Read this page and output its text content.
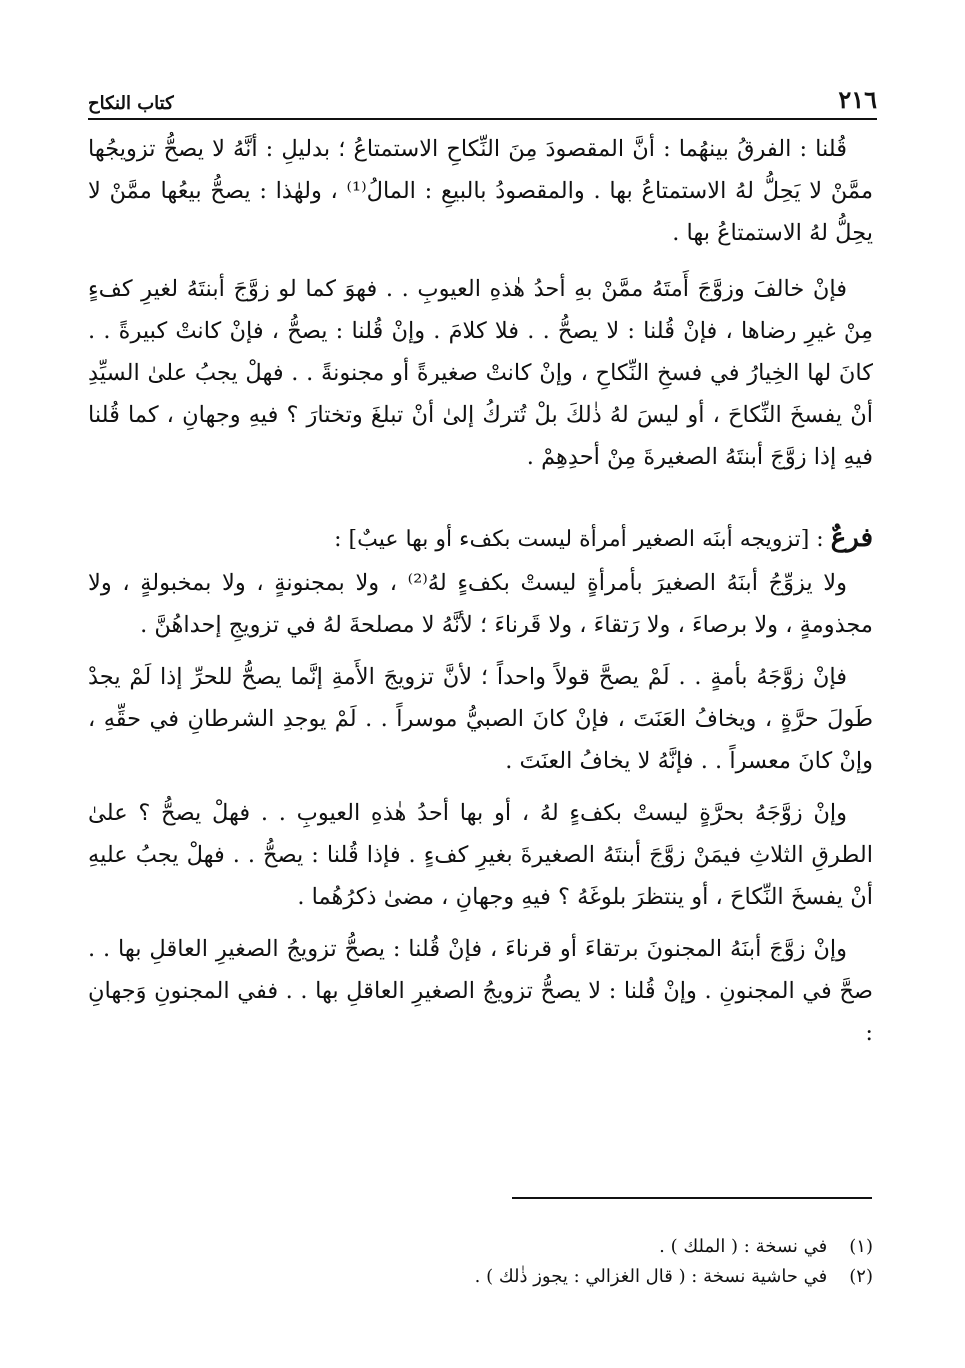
٢١٦
كتاب النكاح

قُلنا : الفرقُ بينهُما : أنَّ المقصودَ مِنَ النِّكاحِ الاستمتاعُ ؛ بدليلِ : أنَّهُ لا يصحُّ تزويجُها ممَّنْ لا يَحِلُّ لهُ الاستمتاعُ بها . والمقصودُ بالبيعِ : المالُ⁽¹⁾ ، ولهٰذا : يصحُّ بيعُها ممَّنْ لا يحِلُّ لهُ الاستمتاعُ بها .

فإنْ خالفَ وزوَّجَ أَمتَهُ ممَّنْ بهِ أحدُ هٰذهِ العيوبِ . . فهوَ كما لو زوَّجَ أبنتَهُ لغيرِ كفءٍ مِنْ غيرِ رضاها ، فإنْ قُلنا : لا يصحُّ . . فلا كلامَ . وإنْ قُلنا : يصحُّ ، فإنْ كانتْ كبيرةً . . كانَ لها الخِيارُ في فسخِ النِّكاحِ ، وإنْ كانتْ صغيرةً أو مجنونةً . . فهلْ يجبُ علىٰ السيِّدِ أنْ يفسخَ النِّكاحَ ، أو ليسَ لهُ ذٰلكَ بلْ تُتركُ إلىٰ أنْ تبلغَ وتختارَ ؟ فيهِ وجهانِ ، كما قُلنا فيهِ إذا زوَّجَ أبنتَهُ الصغيرةَ مِنْ أحدِهِمْ .

فرعٌ : [تزويجه أبنَه الصغير أمرأة ليست بكفء أو بها عيبٌ] :

ولا يزوِّجُ أبنَهُ الصغيرَ بأمرأةٍ ليستْ بكفءٍ لهُ⁽²⁾ ، ولا بمجنونةٍ ، ولا بمخبولةٍ ، ولا مجذومةٍ ، ولا برصاءَ ، ولا رَتقاءَ ، ولا قَرناءَ ؛ لأنَّهُ لا مصلحةَ لهُ في تزويجِ إحداهُنَّ .

فإنْ زوَّجَهُ بأمةٍ . . لَمْ يصحَّ قولاً واحداً ؛ لأنَّ تزويجَ الأَمةِ إنَّما يصحُّ للحرِّ إذا لَمْ يجدْ طَولَ حرَّةٍ ، ويخافُ العَنَتَ ، فإنْ كانَ الصبيُّ موسراً . . لَمْ يوجدِ الشرطانِ في حقِّهِ ، وإنْ كانَ معسراً . . فإنَّهُ لا يخافُ العنَتَ .

وإنْ زوَّجَهُ بحرَّةٍ ليستْ بكفءٍ لهُ ، أو بها أحدُ هٰذهِ العيوبِ . . فهلْ يصحُّ ؟ علىٰ الطرقِ الثلاثِ فيمَنْ زوَّجَ أبنتَهُ الصغيرةَ بغيرِ كفءٍ . فإذا قُلنا : يصحُّ . . فهلْ يجبُ عليهِ أنْ يفسخَ النِّكاحَ ، أو ينتظرَ بلوغَهُ ؟ فيهِ وجهانِ ، مضىٰ ذكرُهُما .

وإنْ زوَّجَ أبنَهُ المجنونَ برتقاءَ أو قرناءَ ، فإنْ قُلنا : يصحُّ تزويجُ الصغيرِ العاقلِ بها . . صحَّ في المجنونِ . وإنْ قُلنا : لا يصحُّ تزويجُ الصغيرِ العاقلِ بها . . ففي المجنونِ وَجهانِ :

(١) في نسخة : ( الملك ) .

(٢) في حاشية نسخة : ( قال الغزالي : يجوز ذٰلك ) .
